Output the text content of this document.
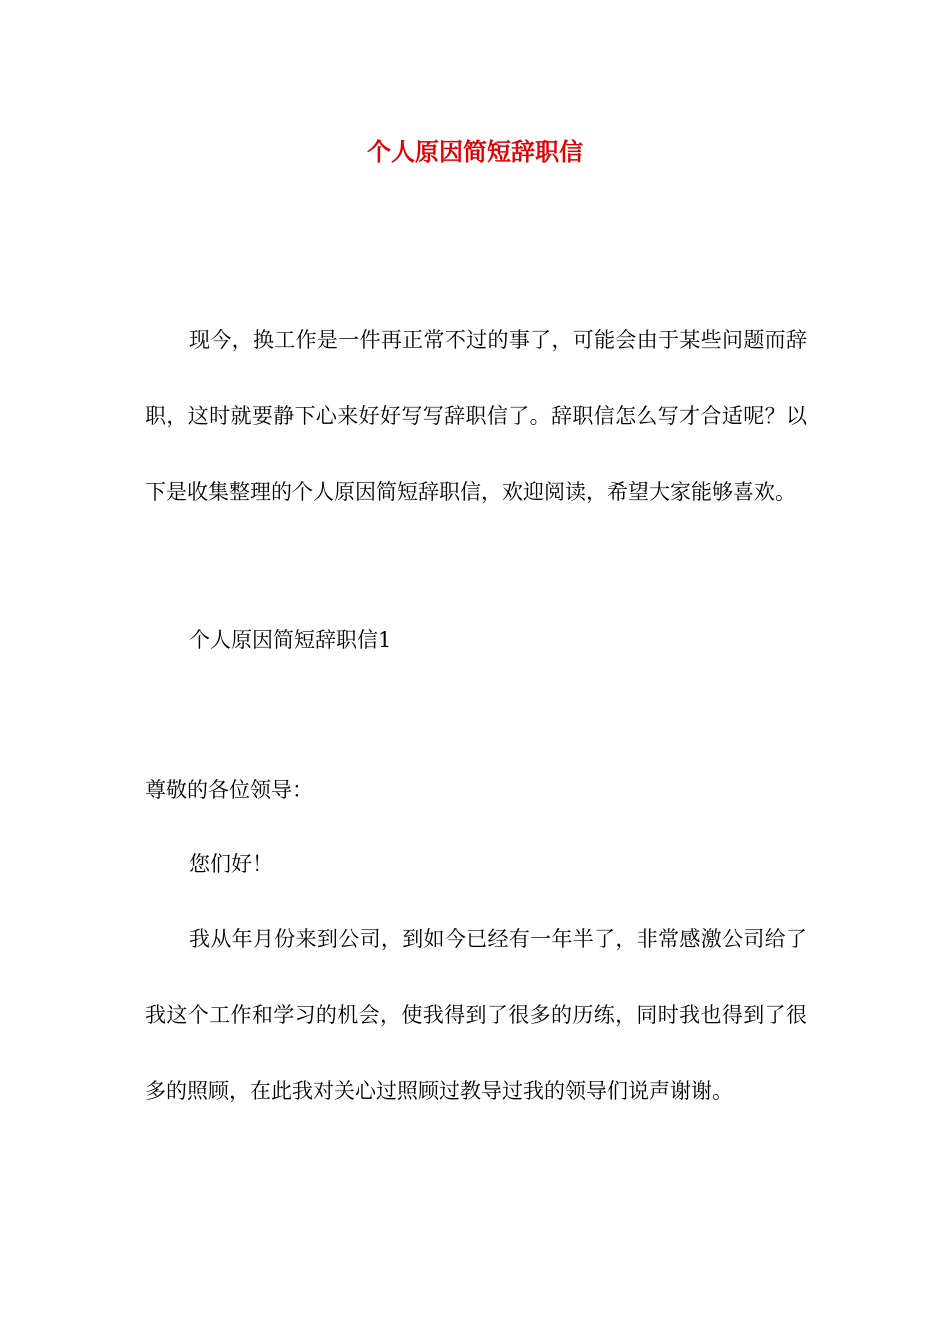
个人原因简短辞职信

现今，换工作是一件再正常不过的事了，可能会由于某些问题而辞职，这时就要静下心来好好写写辞职信了。辞职信怎么写才合适呢？以下是收集整理的个人原因简短辞职信，欢迎阅读，希望大家能够喜欢。

个人原因简短辞职信1

尊敬的各位领导：

您们好！

我从年月份来到公司，到如今已经有一年半了，非常感激公司给了我这个工作和学习的机会，使我得到了很多的历练，同时我也得到了很多的照顾，在此我对关心过照顾过教导过我的领导们说声谢谢。
